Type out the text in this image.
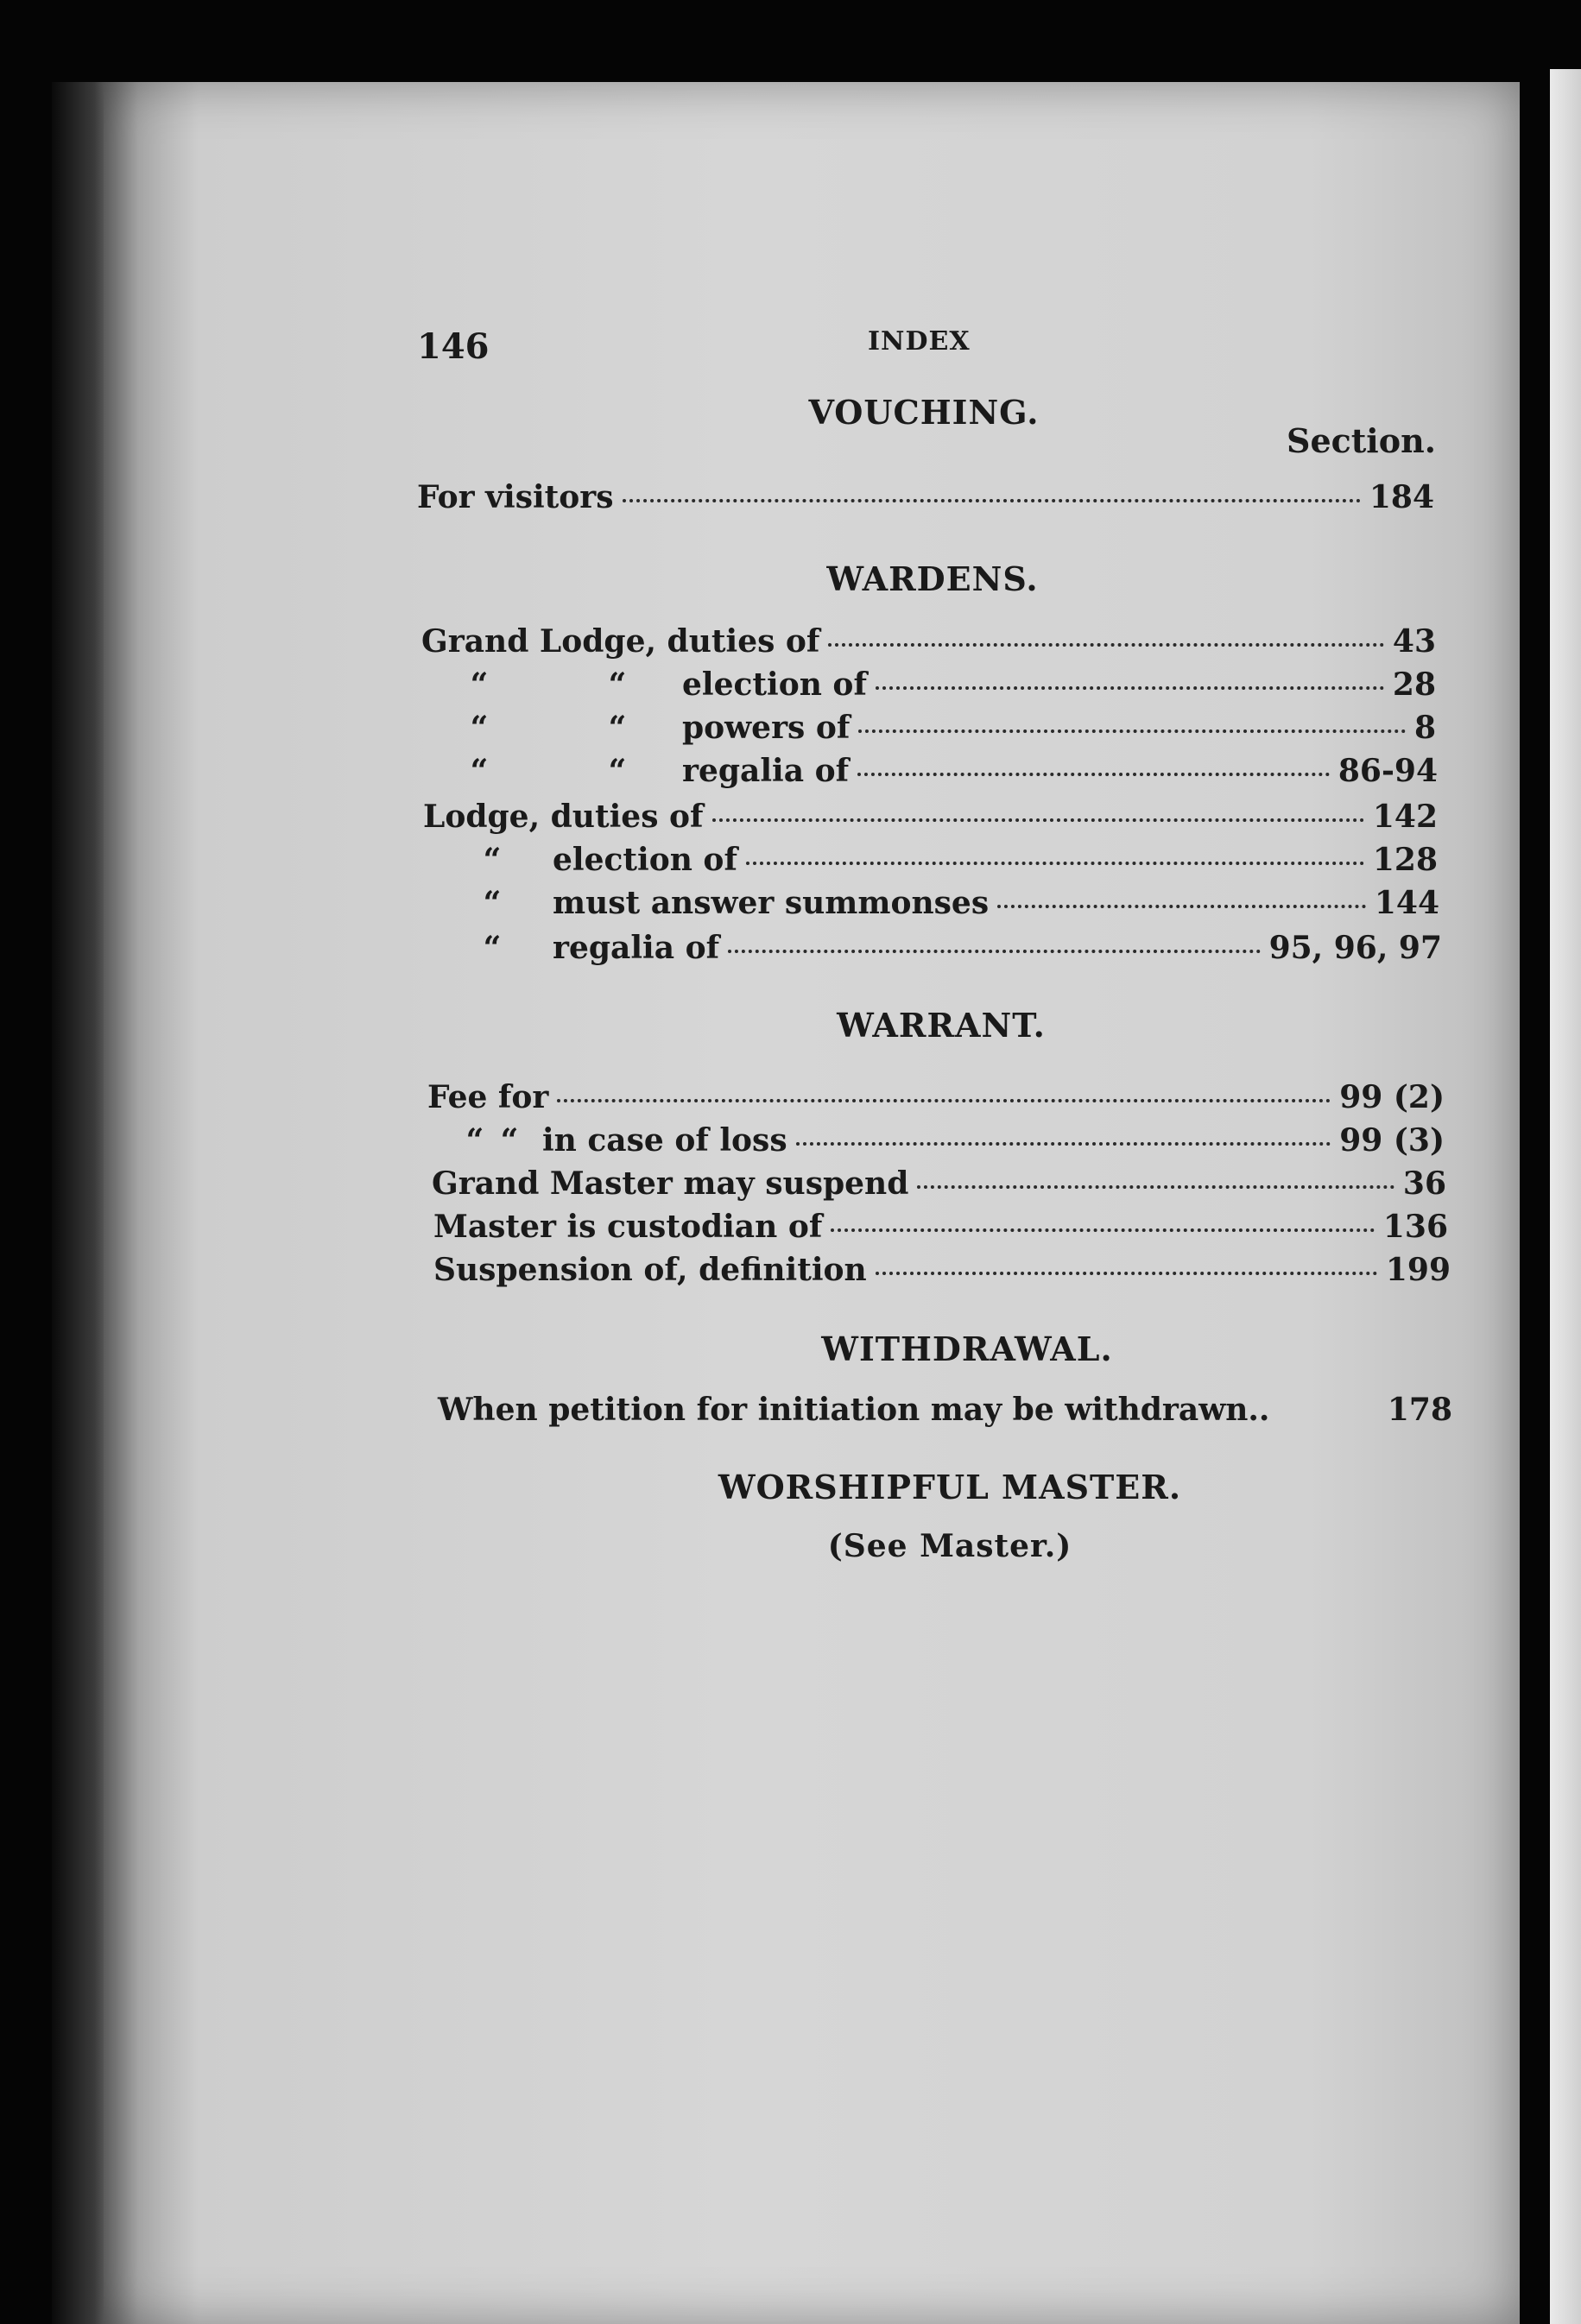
146	INDEX
VOUCHING.
Section.
For visitors	184
WARDENS.
Grand Lodge, duties of	43
“	“	election of	28
“	“	powers of	8
“	“	regalia of	86-94
Lodge, duties of	142
“	election of	128
“	must answer summonses	144
“	regalia of	95, 96, 97
WARRANT.
Fee for	99 (2)
“ “ in case of loss	99 (3)
Grand Master may suspend	36
Master is custodian of	136
Suspension of, definition	199
WITHDRAWAL.
When petition for initiation may be withdrawn..	178
WORSHIPFUL MASTER.
(See Master.)
